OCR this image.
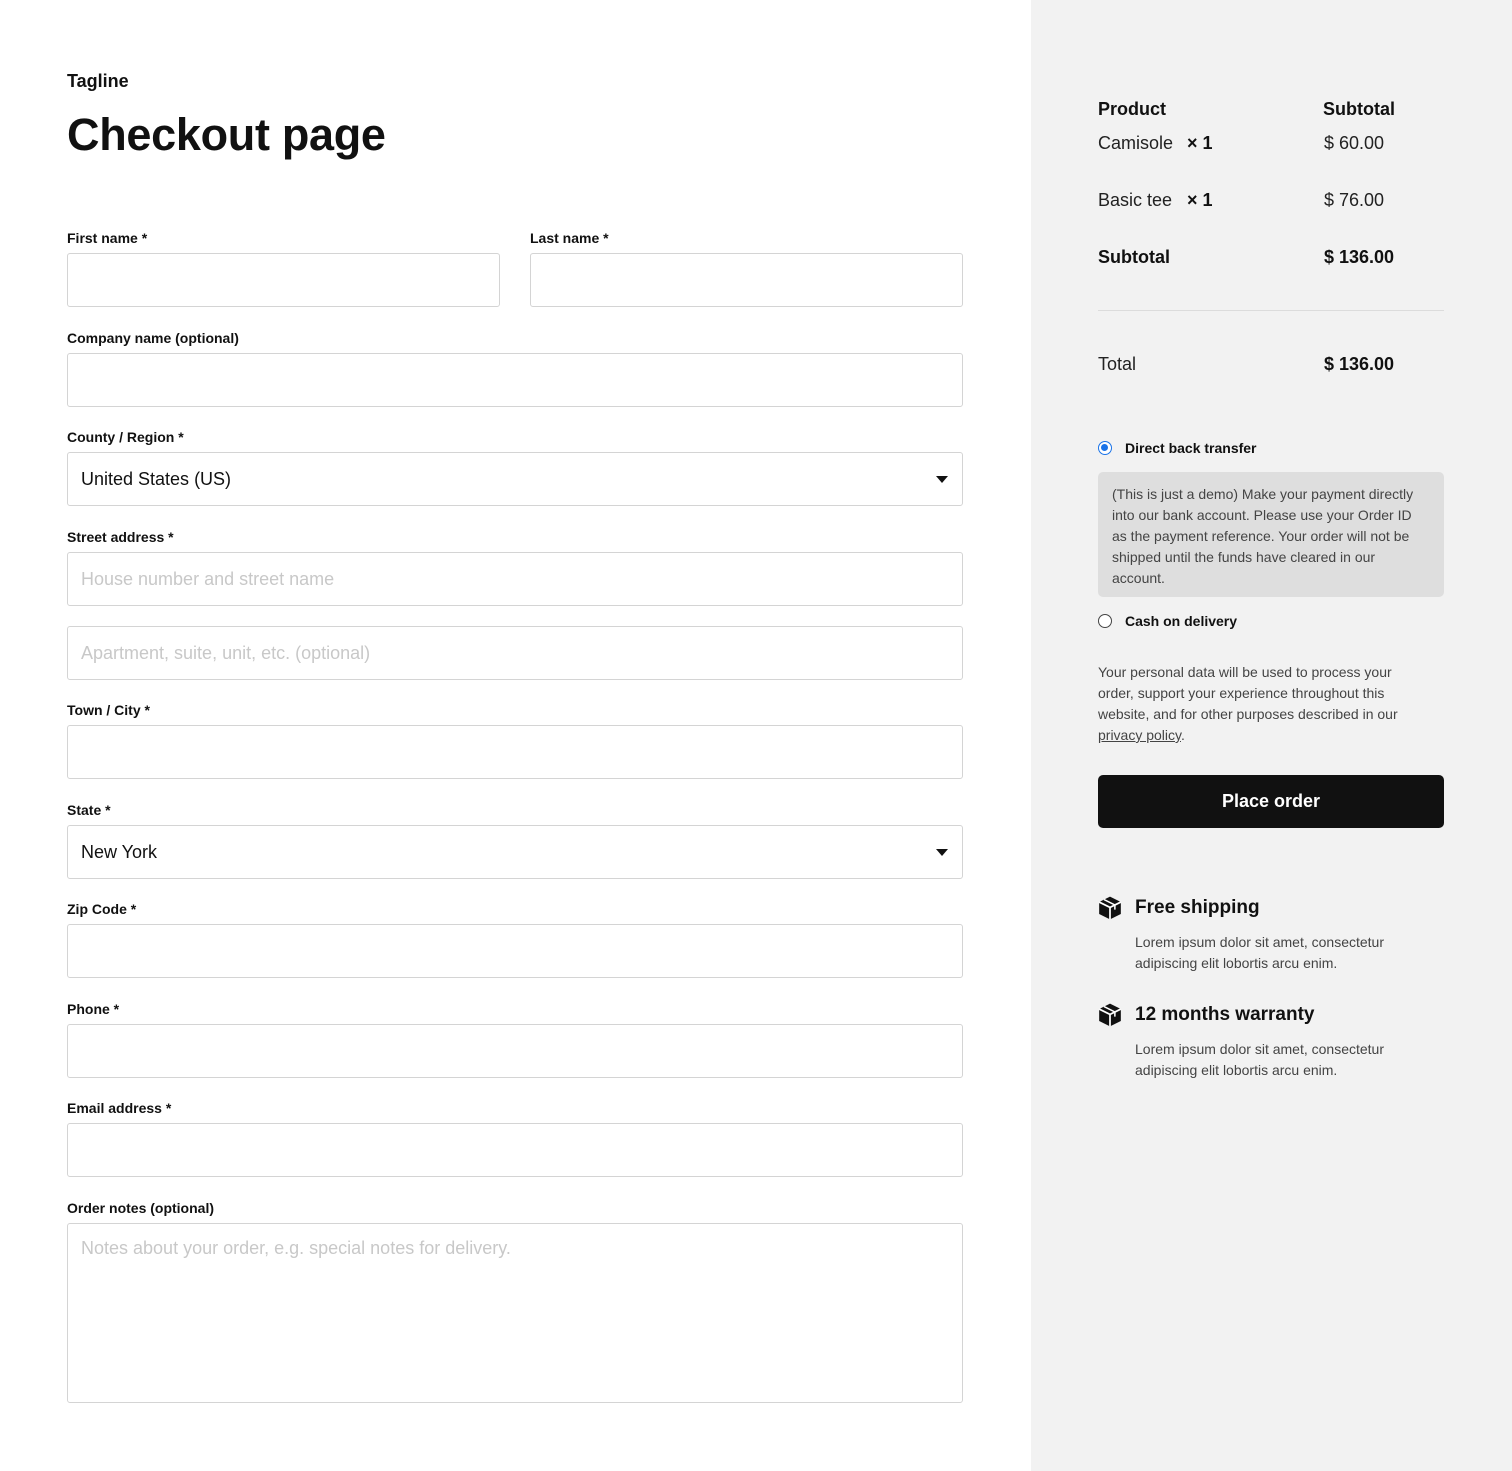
Tagline
Checkout page
First name *	Last name *
Company name (optional)
County / Region *
United States (US)
Street address *
House number and street name
Apartment, suite, unit, etc. (optional)
Town / City *
State *
New York
Zip Code *
Phone *
Email address *
Order notes (optional)
Notes about your order, e.g. special notes for delivery.
Product	Subtotal
Camisole × 1	$ 60.00
Basic tee × 1	$ 76.00
Subtotal	$ 136.00
Total	$ 136.00
Direct back transfer
(This is just a demo) Make your payment directly into our bank account. Please use your Order ID as the payment reference. Your order will not be shipped until the funds have cleared in our account.
Cash on delivery
Your personal data will be used to process your order, support your experience throughout this website, and for other purposes described in our privacy policy.
Place order
Free shipping
Lorem ipsum dolor sit amet, consectetur adipiscing elit lobortis arcu enim.
12 months warranty
Lorem ipsum dolor sit amet, consectetur adipiscing elit lobortis arcu enim.
